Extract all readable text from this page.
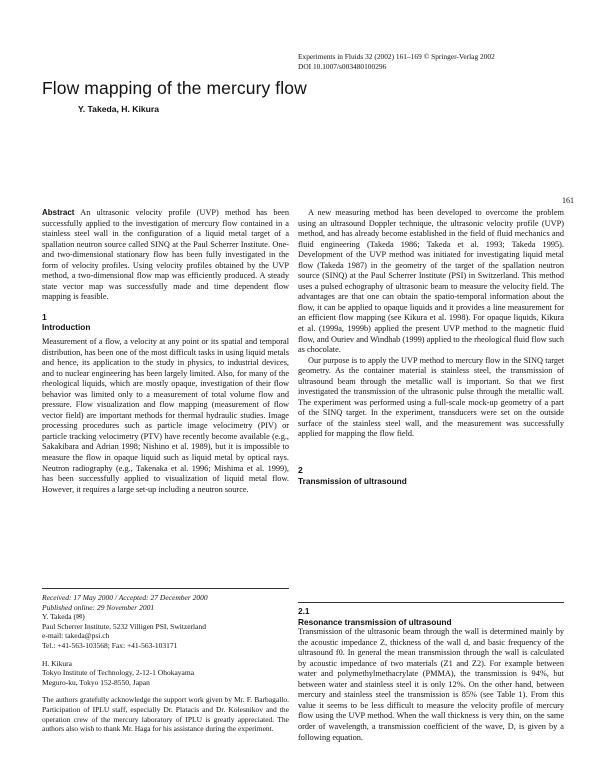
Experiments in Fluids 32 (2002) 161–169 © Springer-Verlag 2002
DOI 10.1007/s003480100296
Flow mapping of the mercury flow
Y. Takeda, H. Kikura
161

Abstract An ultrasonic velocity profile (UVP) method has been successfully applied to the investigation of mercury flow contained in a stainless steel wall in the configuration of a liquid metal target of a spallation neutron source called SINQ at the Paul Scherrer Institute. One- and two-dimensional stationary flow has been fully investigated in the form of velocity profiles. Using velocity profiles obtained by the UVP method, a two-dimensional flow map was efficiently produced. A steady state vector map was successfully made and time dependent flow mapping is feasible.

1
Introduction

Measurement of a flow, a velocity at any point or its spatial and temporal distribution, has been one of the most difficult tasks in using liquid metals and hence, its application to the study in physics, to industrial devices, and to nuclear engineering has been largely limited. Also, for many of the rheological liquids, which are mostly opaque, investigation of their flow behavior was limited only to a measurement of total volume flow and pressure. Flow visualization and flow mapping (measurement of flow vector field) are important methods for thermal hydraulic studies. Image processing procedures such as particle image velocimetry (PIV) or particle tracking velocimetry (PTV) have recently become available (e.g., Sakakibara and Adrian 1998; Nishino et al. 1989), but it is impossible to measure the flow in opaque liquid such as liquid metal by optical rays. Neutron radiography (e.g., Takenaka et al. 1996; Mishima et al. 1999), has been successfully applied to visualization of liquid metal flow. However, it requires a large set-up including a neutron source.

Received: 17 May 2000 / Accepted: 27 December 2000
Published online: 29 November 2001
Y. Takeda (✉)
Paul Scherrer Institute, 5232 Villigen PSI, Switzerland
e-mail: takeda@psi.ch
Tel.: +41-563-103568; Fax: +41-563-103171
H. Kikura
Tokyo Institute of Technology, 2-12-1 Ohokayama
Meguro-ku, Tokyo 152-8550, Japan

The authors gratefully acknowledge the support work given by Mr. F. Barbagallo. Participation of IPLU staff, especially Dr. Platacis and Dr. Kolesnikov and the operation crew of the mercury laboratory of IPLU is greatly appreciated. The authors also wish to thank Mr. Haga for his assistance during the experiment.

A new measuring method has been developed to overcome the problem using an ultrasound Doppler technique, the ultrasonic velocity profile (UVP) method, and has already become established in the field of fluid mechanics and fluid engineering (Takeda 1986; Takeda et al. 1993; Takeda 1995). Development of the UVP method was initiated for investigating liquid metal flow (Takeda 1987) in the geometry of the target of the spallation neutron source (SINQ) at the Paul Scherrer Institute (PSI) in Switzerland. This method uses a pulsed echography of ultrasonic beam to measure the velocity field. The advantages are that one can obtain the spatio-temporal information about the flow, it can be applied to opaque liquids and it provides a line measurement for an efficient flow mapping (see Kikura et al. 1998). For opaque liquids, Kikura et al. (1999a, 1999b) applied the present UVP method to the magnetic fluid flow, and Ouriev and Windhab (1999) applied to the rheological fluid flow such as chocolate.

Our purpose is to apply the UVP method to mercury flow in the SINQ target geometry. As the container material is stainless steel, the transmission of ultrasound beam through the metallic wall is important. So that we first investigated the transmission of the ultrasonic pulse through the metallic wall. The experiment was performed using a full-scale mock-up geometry of a part of the SINQ target. In the experiment, transducers were set on the outside surface of the stainless steel wall, and the measurement was successfully applied for mapping the flow field.

2
Transmission of ultrasound
2.1
Resonance transmission of ultrasound

Transmission of the ultrasonic beam through the wall is determined mainly by the acoustic impedance Z, thickness of the wall d, and basic frequency of the ultrasound f0. In general the mean transmission through the wall is calculated by acoustic impedance of two materials (Z1 and Z2). For example between water and polymethylmethacrylate (PMMA), the transmission is 94%, but between water and stainless steel it is only 12%. On the other hand, between mercury and stainless steel the transmission is 85% (see Table 1). From this value it seems to be less difficult to measure the velocity profile of mercury flow using the UVP method. When the wall thickness is very thin, on the same order of wavelength, a transmission coefficient of the wave, D, is given by a following equation.
